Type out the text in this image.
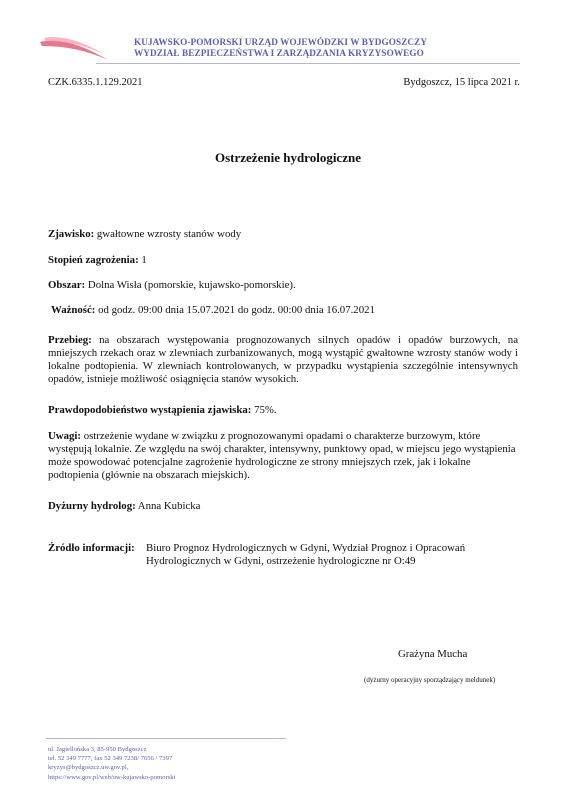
KUJAWSKO-POMORSKI URZĄD WOJEWÓDZKI W BYDGOSZCZY
WYDZIAŁ BEZPIECZEŃSTWA I ZARZĄDZANIA KRYZYSOWEGO
CZK.6335.1.129.2021	Bydgoszcz, 15 lipca 2021 r.
Ostrzeżenie hydrologiczne
Zjawisko: gwałtowne wzrosty stanów wody
Stopień zagrożenia: 1
Obszar: Dolna Wisła (pomorskie, kujawsko-pomorskie).
Ważność: od godz. 09:00 dnia 15.07.2021 do godz. 00:00 dnia 16.07.2021
Przebieg: na obszarach występowania prognozowanych silnych opadów i opadów burzowych, na mniejszych rzekach oraz w zlewniach zurbanizowanych, mogą wystąpić gwałtowne wzrosty stanów wody i lokalne podtopienia. W zlewniach kontrolowanych, w przypadku wystąpienia szczególnie intensywnych opadów, istnieje możliwość osiągnięcia stanów wysokich.
Prawdopodobieństwo wystąpienia zjawiska: 75%.
Uwagi: ostrzeżenie wydane w związku z prognozowanymi opadami o charakterze burzowym, które występują lokalnie. Ze względu na swój charakter, intensywny, punktowy opad, w miejscu jego wystąpienia może spowodować potencjalne zagrożenie hydrologiczne ze strony mniejszych rzek, jak i lokalne podtopienia (głównie na obszarach miejskich).
Dyżurny hydrolog: Anna Kubicka
Źródło informacji:	Biuro Prognoz Hydrologicznych w Gdyni, Wydział Prognoz i Opracowań Hydrologicznych w Gdyni, ostrzeżenie hydrologiczne nr O:49
Grażyna Mucha
(dyżurny operacyjny sporządzający meldunek)
ul. Jagiellońska 3, 85-950 Bydgoszcz
tel. 52 349 7777, fax 52 349 7238/ 7656 / 7397
kryzys@bydgoszcz.uw.gov.pl,
https://www.gov.pl/web/uw-kujawsko-pomorski
